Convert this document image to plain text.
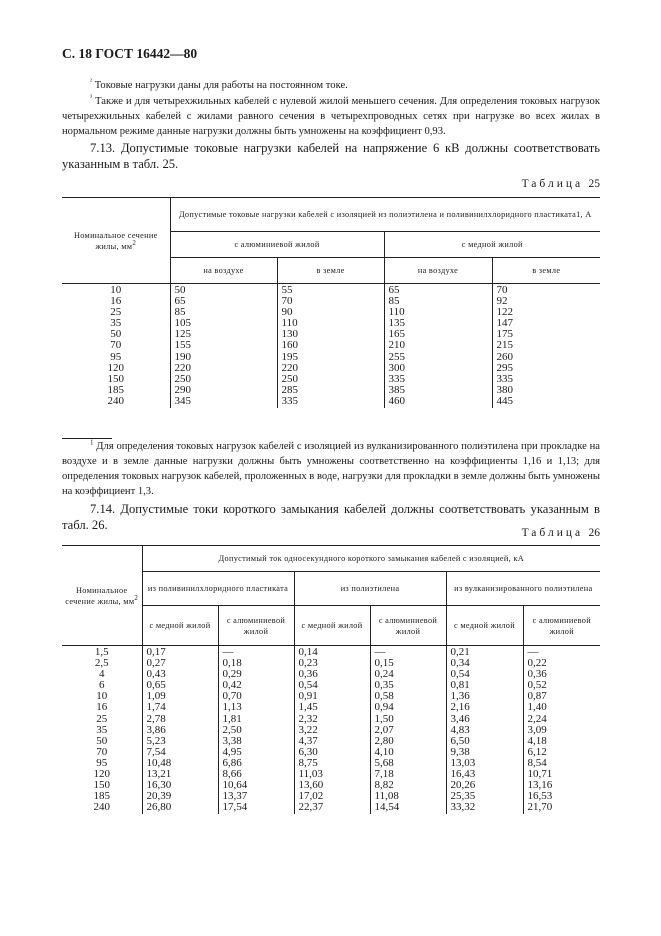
С. 18 ГОСТ 16442—80
$^{^2}$ Токовые нагрузки даны для работы на постоянном токе.
$^{^3}$ Также и для четырехжильных кабелей с нулевой жилой меньшего сечения. Для определения токовых нагрузок четырехжильных кабелей с жилами равного сечения в четырехпроводных сетях при нагрузке во всех жилах в нормальном режиме данные нагрузки должны быть умножены на коэффициент 0,93.
7.13. Допустимые токовые нагрузки кабелей на напряжение 6 кВ должны соответствовать указанным в табл. 25.
Таблица 25
Номинальное сечение жилы, $мм^2$	Допустимые токовые нагрузки кабелей с изоляцией из полиэтилена и поливинилхлоридного пластиката1, А			
	с алюминиевой жилой		с медной жилой	
	на воздухе	в земле	на воздухе	в земле
10	50	55	65	70
16	65	70	85	92
25	85	90	110	122
35	105	110	135	147
50	125	130	165	175
70	155	160	210	215
95	190	195	255	260
120	220	220	300	295
150	250	250	335	335
185	290	285	385	380
240	345	335	460	445
$^1$ Для определения токовых нагрузок кабелей с изоляцией из вулканизированного полиэтилена при прокладке на воздухе и в земле данные нагрузки должны быть умножены соответственно на коэффициенты 1,16 и 1,13; для определения токовых нагрузок кабелей, проложенных в воде, нагрузки для прокладки в земле должны быть умножены на коэффициент 1,3.
7.14. Допустимые токи короткого замыкания кабелей должны соответствовать указанным в табл. 26.
Таблица 26
Номинальное сечение жилы, $мм^2$	Допустимый ток односекундного короткого замыкания кабелей с изоляцией, кА					
	из поливинилхлоридного пластиката		из полиэтилена		из вулканизированного полиэтилена	
	с медной жилой	с алюминиевой жилой	с медной жилой	с алюминиевой жилой	с медной жилой	с алюминиевой жилой
1,5	0,17	—	0,14	—	0,21	—
2,5	0,27	0,18	0,23	0,15	0,34	0,22
4	0,43	0,29	0,36	0,24	0,54	0,36
6	0,65	0,42	0,54	0,35	0,81	0,52
10	1,09	0,70	0,91	0,58	1,36	0,87
16	1,74	1,13	1,45	0,94	2,16	1,40
25	2,78	1,81	2,32	1,50	3,46	2,24
35	3,86	2,50	3,22	2,07	4,83	3,09
50	5,23	3,38	4,37	2,80	6,50	4,18
70	7,54	4,95	6,30	4,10	9,38	6,12
95	10,48	6,86	8,75	5,68	13,03	8,54
120	13,21	8,66	11,03	7,18	16,43	10,71
150	16,30	10,64	13,60	8,82	20,26	13,16
185	20,39	13,37	17,02	11,08	25,35	16,53
240	26,80	17,54	22,37	14,54	33,32	21,70
